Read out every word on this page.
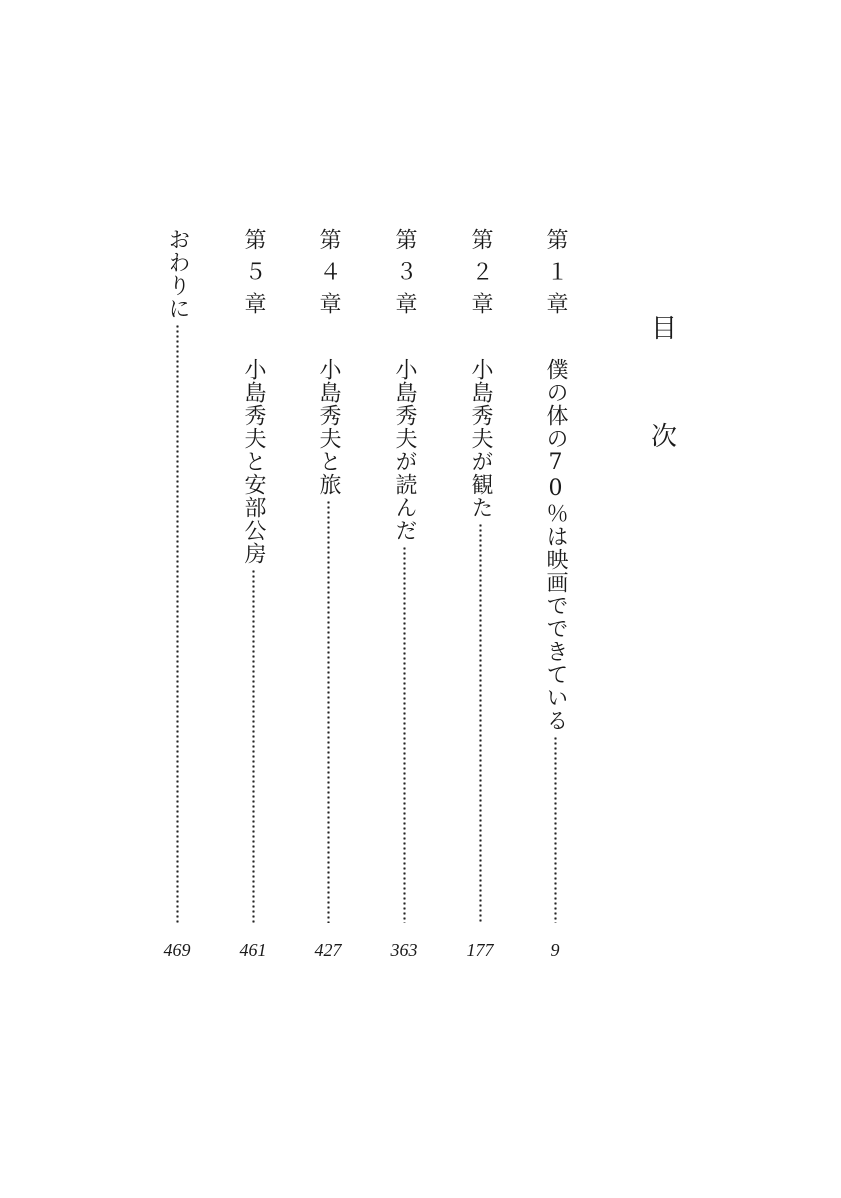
目
次
第１章
僕の体の70％は映画でできている
9
第２章
小島秀夫が観た
177
第３章
小島秀夫が読んだ
363
第４章
小島秀夫と旅
427
第５章
小島秀夫と安部公房
461
おわりに
469
